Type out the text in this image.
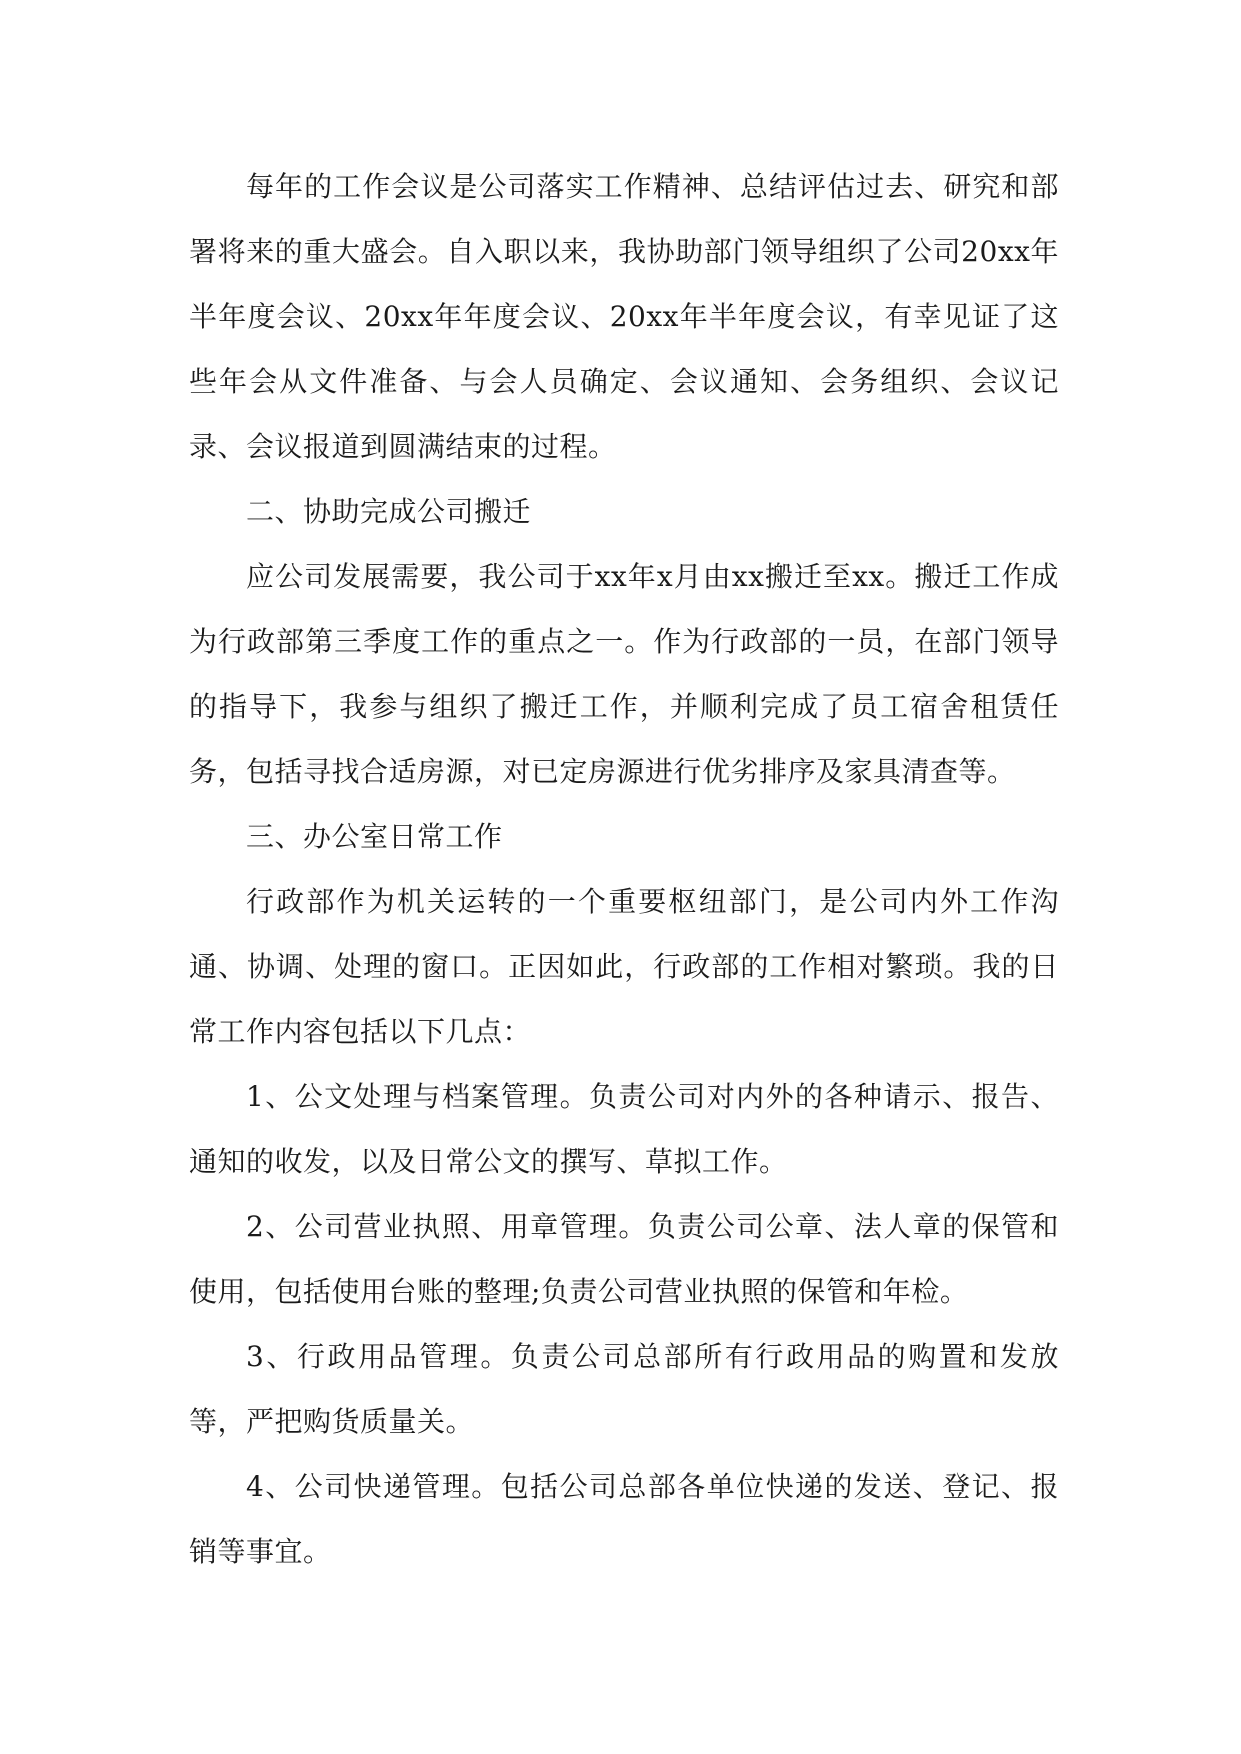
每年的工作会议是公司落实工作精神、总结评估过去、研究和部署将来的重大盛会。自入职以来，我协助部门领导组织了公司20xx年半年度会议、20xx年年度会议、20xx年半年度会议，有幸见证了这些年会从文件准备、与会人员确定、会议通知、会务组织、会议记录、会议报道到圆满结束的过程。

二、协助完成公司搬迁

应公司发展需要，我公司于xx年x月由xx搬迁至xx。搬迁工作成为行政部第三季度工作的重点之一。作为行政部的一员，在部门领导的指导下，我参与组织了搬迁工作，并顺利完成了员工宿舍租赁任务，包括寻找合适房源，对已定房源进行优劣排序及家具清查等。

三、办公室日常工作

行政部作为机关运转的一个重要枢纽部门，是公司内外工作沟通、协调、处理的窗口。正因如此，行政部的工作相对繁琐。我的日常工作内容包括以下几点：

1、公文处理与档案管理。负责公司对内外的各种请示、报告、通知的收发，以及日常公文的撰写、草拟工作。

2、公司营业执照、用章管理。负责公司公章、法人章的保管和使用，包括使用台账的整理;负责公司营业执照的保管和年检。

3、行政用品管理。负责公司总部所有行政用品的购置和发放等，严把购货质量关。

4、公司快递管理。包括公司总部各单位快递的发送、登记、报销等事宜。
